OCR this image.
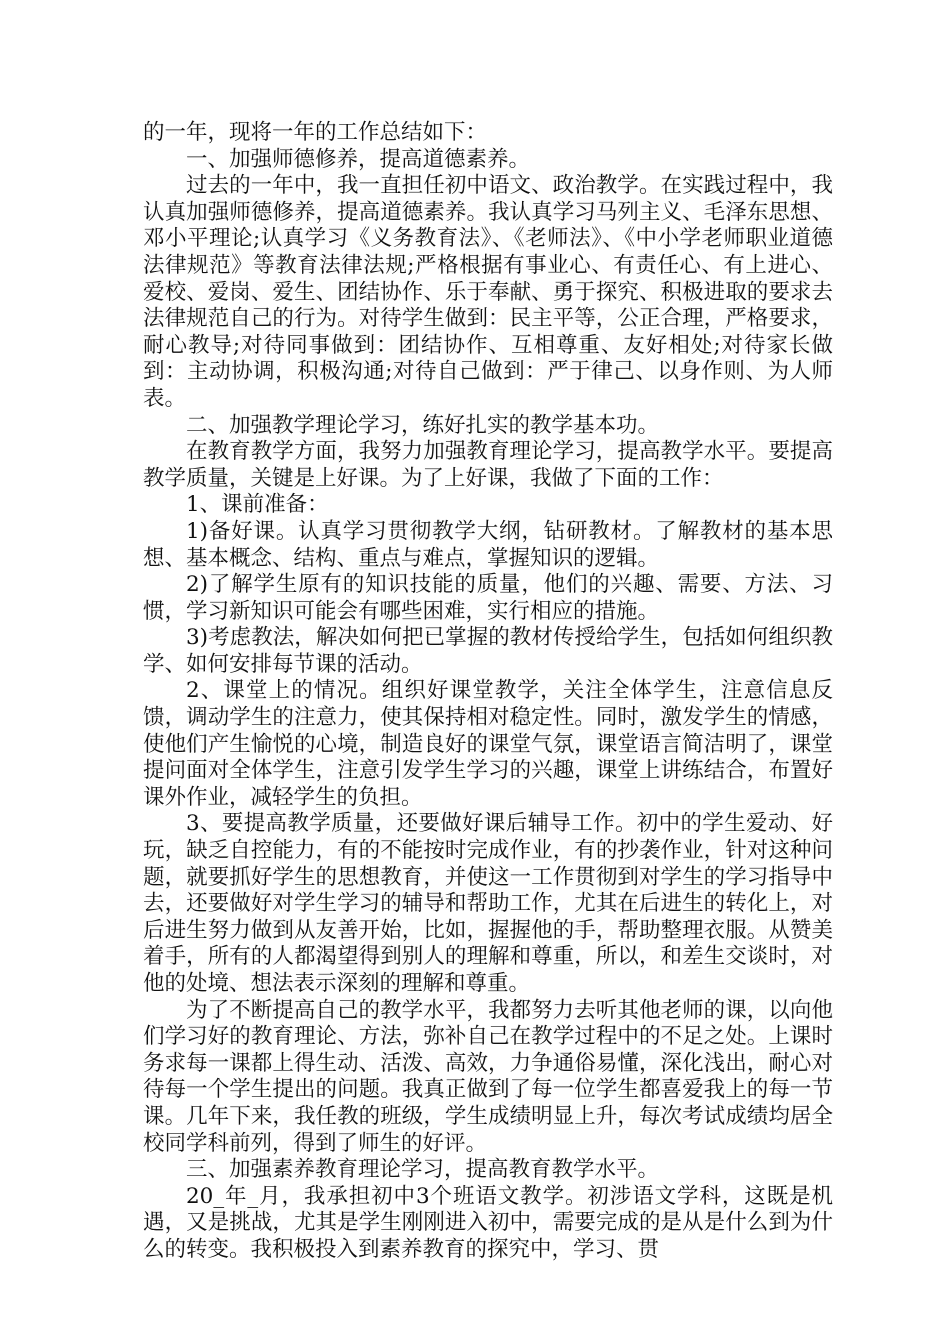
的一年，现将一年的工作总结如下：

一、加强师德修养，提高道德素养。

过去的一年中，我一直担任初中语文、政治教学。在实践过程中，我认真加强师德修养，提高道德素养。我认真学习马列主义、毛泽东思想、邓小平理论;认真学习《义务教育法》、《老师法》、《中小学老师职业道德法律规范》等教育法律法规;严格根据有事业心、有责任心、有上进心、爱校、爱岗、爱生、团结协作、乐于奉献、勇于探究、积极进取的要求去法律规范自己的行为。对待学生做到：民主平等，公正合理，严格要求，耐心教导;对待同事做到：团结协作、互相尊重、友好相处;对待家长做到：主动协调，积极沟通;对待自己做到：严于律己、以身作则、为人师表。

二、加强教学理论学习，练好扎实的教学基本功。

在教育教学方面，我努力加强教育理论学习，提高教学水平。要提高教学质量，关键是上好课。为了上好课，我做了下面的工作：

1、课前准备：

1)备好课。认真学习贯彻教学大纲，钻研教材。了解教材的基本思想、基本概念、结构、重点与难点，掌握知识的逻辑。

2)了解学生原有的知识技能的质量，他们的兴趣、需要、方法、习惯，学习新知识可能会有哪些困难，实行相应的措施。

3)考虑教法，解决如何把已掌握的教材传授给学生，包括如何组织教学、如何安排每节课的活动。

2、课堂上的情况。组织好课堂教学，关注全体学生，注意信息反馈，调动学生的注意力，使其保持相对稳定性。同时，激发学生的情感，使他们产生愉悦的心境，制造良好的课堂气氛，课堂语言简洁明了，课堂提问面对全体学生，注意引发学生学习的兴趣，课堂上讲练结合，布置好课外作业，减轻学生的负担。

3、要提高教学质量，还要做好课后辅导工作。初中的学生爱动、好玩，缺乏自控能力，有的不能按时完成作业，有的抄袭作业，针对这种问题，就要抓好学生的思想教育，并使这一工作贯彻到对学生的学习指导中去，还要做好对学生学习的辅导和帮助工作，尤其在后进生的转化上，对后进生努力做到从友善开始，比如，握握他的手，帮助整理衣服。从赞美着手，所有的人都渴望得到别人的理解和尊重，所以，和差生交谈时，对他的处境、想法表示深刻的理解和尊重。

为了不断提高自己的教学水平，我都努力去听其他老师的课，以向他们学习好的教育理论、方法，弥补自己在教学过程中的不足之处。上课时务求每一课都上得生动、活泼、高效，力争通俗易懂，深化浅出，耐心对待每一个学生提出的问题。我真正做到了每一位学生都喜爱我上的每一节课。几年下来，我任教的班级，学生成绩明显上升，每次考试成绩均居全校同学科前列，得到了师生的好评。

三、加强素养教育理论学习，提高教育教学水平。

20_年_月，我承担初中3个班语文教学。初涉语文学科，这既是机遇，又是挑战，尤其是学生刚刚进入初中，需要完成的是从是什么到为什么的转变。我积极投入到素养教育的探究中，学习、贯
